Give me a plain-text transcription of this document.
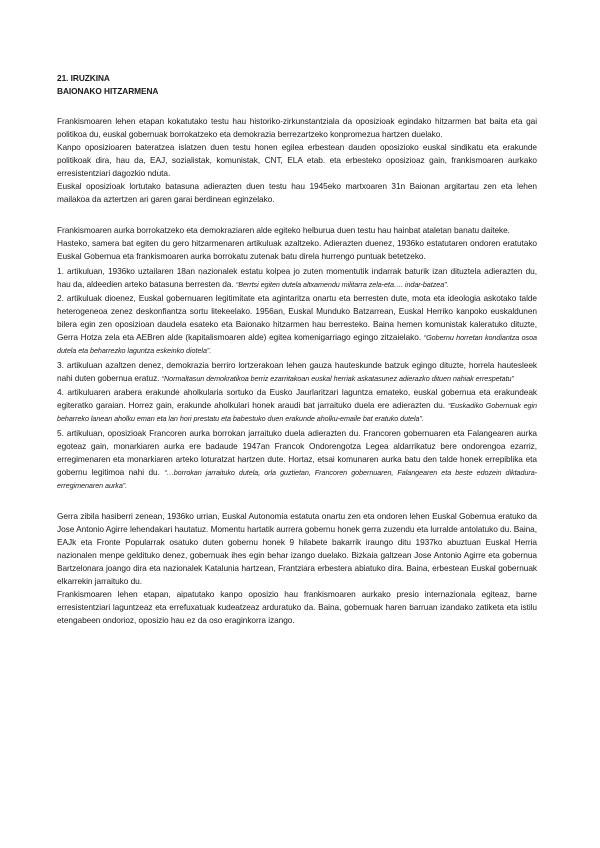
21. IRUZKINA

BAIONAKO HITZARMENA

Frankismoaren lehen etapan kokatutako testu hau historiko-zirkunstantziala da oposizioak egindako hitzarmen bat baita eta gai politikoa du, euskal gobernuak borrokatzeko eta demokrazia berrezartzeko konpromezua hartzen duelako.

Kanpo oposizioaren bateratzea islatzen duen testu honen egilea erbestean dauden oposizioko euskal sindikatu eta erakunde politikoak dira, hau da, EAJ, sozialistak, komunistak, CNT, ELA etab. eta erbesteko oposizioaz gain, frankismoaren aurkako erresistentziari dagozkio nduta.

Euskal oposizioak lortutako batasuna adierazten duen testu hau 1945eko martxoaren 31n Baionan argitartau zen eta lehen mailakoa da aztertzen ari garen garai berdinean eginzelako.

Frankismoaren aurka borrokatzeko eta demokraziaren alde egiteko helburua duen testu hau hainbat ataletan banatu daiteke.

Hasteko, samera bat egiten du gero hitzarmenaren artikuluak azaltzeko. Adierazten duenez, 1936ko estatutaren ondoren eratutako Euskal Gobernua eta frankismoaren aurka borrokatu zutenak batu direla hurrengo puntuak betetzeko.

1. artikuluan, 1936ko uztailaren 18an nazionalek estatu kolpea jo zuten momentutik indarrak baturik izan dituztela adierazten du, hau da, aldeedien arteko batasuna berresten da. “Berrtsi egiten dutela altxamendu militarra zela-eta…. indar-batzea”.

2. artikuluak dioenez, Euskal gobernuaren legitimitate eta agintaritza onartu eta berresten dute, mota eta ideologia askotako talde heterogeneoa zenez deskonfiantza sortu litekeelako. 1956an, Euskal Munduko Batzarrean, Euskal Herriko kanpoko euskaldunen bilera egin zen oposizioan daudela esateko eta Baionako hitzarmen hau berresteko. Baina hemen komunistak kaleratuko dituzte, Gerra Hotza zela eta AEBren alde (kapitalismoaren alde) egitea komenigarriago egingo zitzaielako. “Gobernu horretan kondiantza osoa dutela eta beharrezko laguntza eskeinko diotela”.

3. artikuluan azaltzen denez, demokrazia berriro lortzerakoan lehen gauza hauteskunde batzuk egingo dituzte, horrela hautesleek nahi duten gobernua eratuz. “Normaltasun demokratikoa berriz ezarritakoan euskal herriak askatasunez adierazko dituen nahiak errespetatu”

4. artikuluaren arabera erakunde aholkularia sortuko da Eusko Jaurlaritzari laguntza emateko, euskal gobernua eta erakundeak egiteratko garaian. Horrez gain, erakunde aholkulari honek araudi bat jarraituko duela ere adierazten du. “Euskadiko Gobernuak egin beharreko lanean aholku eman eta lan hori prestatu eta babestuko duen erakunde aholku-emaile bat eratuko dutela”.

5. artikuluan, oposizioak Francoren aurka borrokan jarraituko duela adierazten du. Francoren gobernuaren eta Falangearen aurka egoteaz gain, monarkiaren aurka ere badaude 1947an Francok Ondorengotza Legea aldarrikatuz bere ondorengoa ezarriz, erregimenaren eta monarkiaren arteko loturatzat hartzen dute. Hortaz, etsai komunaren aurka batu den talde honek errepiblika eta gobernu legitimoa nahi du. “…borrokan jarraituko dutela, orla guztietan, Francoren gobernuaren, Falangearen eta beste edozein diktadura-erregimenaren aurka”.

Gerra zibila hasiberri zenean, 1936ko urrian, Euskal Autonomia estatuta onartu zen eta ondoren lehen Euskal Gobernua eratuko da Jose Antonio Agirre lehendakari hautatuz. Momentu hartatik aurrera gobernu honek gerra zuzendu eta lurralde antolatuko du. Baina, EAJk eta Fronte Popularrak osatuko duten gobernu honek 9 hilabete bakarrik iraungo ditu 1937ko abuztuan Euskal Herria nazionalen menpe geldituko denez, gobernuak ihes egin behar izango duelako. Bizkaia galtzean Jose Antonio Agirre eta gobernua Bartzelonara joango dira eta nazionalek Katalunia hartzean, Frantziara erbestera abiatuko dira. Baina, erbestean Euskal gobernuak elkarrekin jarraituko du.

Frankismoaren lehen etapan, aipatutako kanpo oposizio hau frankismoaren aurkako presio internazionala egiteaz, barne erresistentziari laguntzeaz eta errefuxatuak kudeatzeaz arduratuko da. Baina, gobernuak haren barruan izandako zatiketa eta istilu etengabeen ondorioz, oposizio hau ez da oso eraginkorra izango.
